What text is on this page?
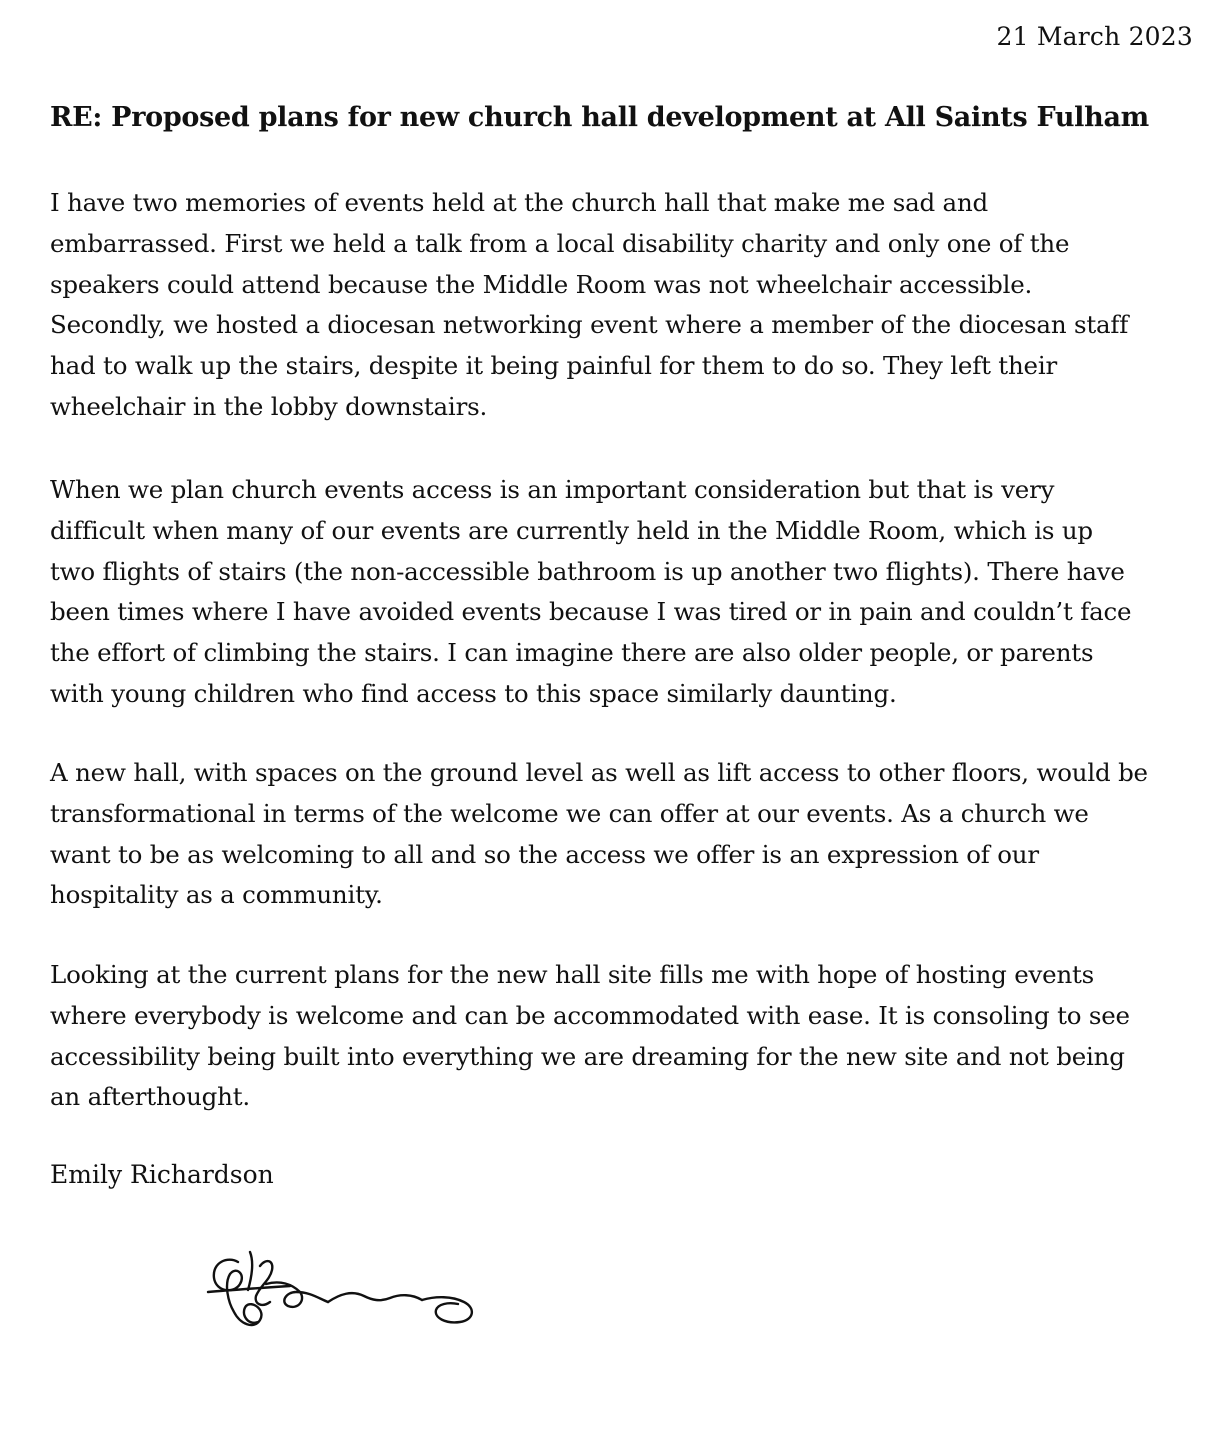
21 March 2023
RE: Proposed plans for new church hall development at All Saints Fulham

I have two memories of events held at the church hall that make me sad and
embarrassed. First we held a talk from a local disability charity and only one of the
speakers could attend because the Middle Room was not wheelchair accessible.
Secondly, we hosted a diocesan networking event where a member of the diocesan staff
had to walk up the stairs, despite it being painful for them to do so. They left their
wheelchair in the lobby downstairs.

When we plan church events access is an important consideration but that is very
difficult when many of our events are currently held in the Middle Room, which is up
two flights of stairs (the non-accessible bathroom is up another two flights). There have
been times where I have avoided events because I was tired or in pain and couldn’t face
the effort of climbing the stairs. I can imagine there are also older people, or parents
with young children who find access to this space similarly daunting.

A new hall, with spaces on the ground level as well as lift access to other floors, would be
transformational in terms of the welcome we can offer at our events. As a church we
want to be as welcoming to all and so the access we offer is an expression of our
hospitality as a community.

Looking at the current plans for the new hall site fills me with hope of hosting events
where everybody is welcome and can be accommodated with ease. It is consoling to see
accessibility being built into everything we are dreaming for the new site and not being
an afterthought.

Emily Richardson
